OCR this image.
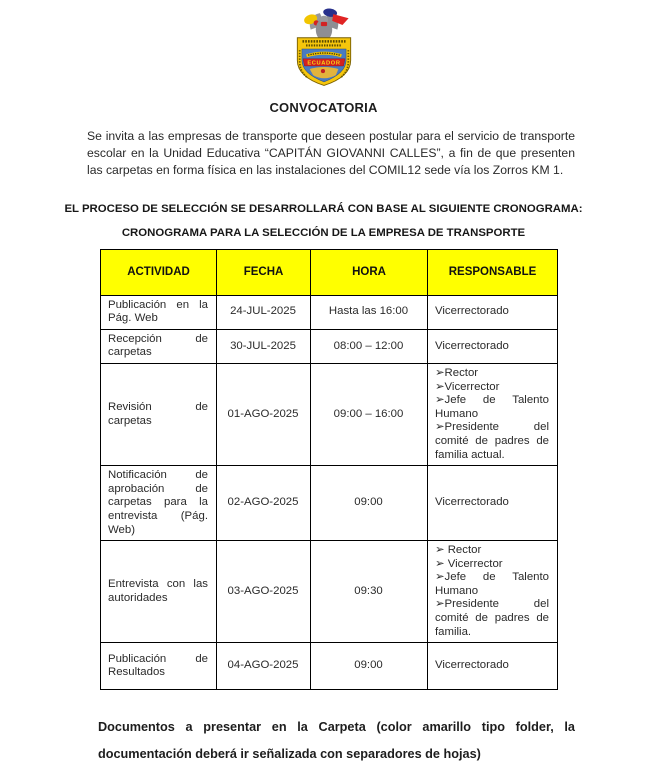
ECUADOR
CONVOCATORIA

Se invita a las empresas de transporte que deseen postular para el servicio de transporte escolar en la Unidad Educativa “CAPITÁN GIOVANNI CALLES”, a fin de que presenten las carpetas en forma física en las instalaciones del COMIL12 sede vía los Zorros KM 1.

EL PROCESO DE SELECCIÓN SE DESARROLLARÁ CON BASE AL SIGUIENTE CRONOGRAMA:
CRONOGRAMA PARA LA SELECCIÓN DE LA EMPRESA DE TRANSPORTE
ACTIVIDAD	FECHA	HORA	RESPONSABLE
Publicación en la Pág. Web	24-JUL-2025	Hasta las 16:00	Vicerrectorado

Recepción de carpetas	30-JUL-2025	08:00 – 12:00	Vicerrectorado

Revisión de carpetas	01-AGO-2025	09:00 – 16:00	➢Rector
➢Vicerrector
➢Jefe de Talento Humano
➢Presidente del comité de padres de familia actual.

Notificación de aprobación de carpetas para la entrevista (Pág. Web)	02-AGO-2025	09:00	Vicerrectorado

Entrevista con las autoridades	03-AGO-2025	09:30	➢ Rector
➢ Vicerrector
➢Jefe de Talento Humano
➢Presidente del comité de padres de familia.

Publicación de Resultados	04-AGO-2025	09:00	Vicerrectorado

Documentos a presentar en la Carpeta (color amarillo tipo folder, la documentación deberá ir señalizada con separadores de hojas)
